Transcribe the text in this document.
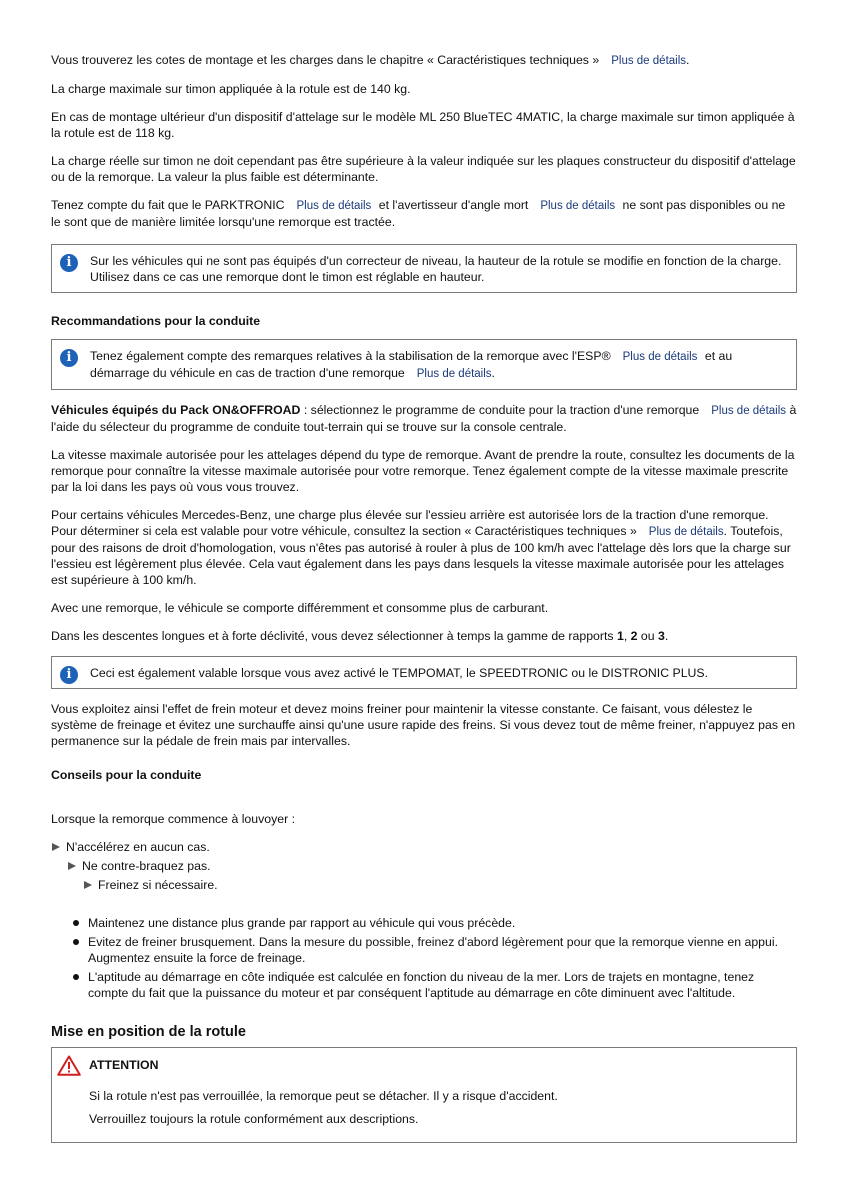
Vous trouverez les cotes de montage et les charges dans le chapitre « Caractéristiques techniques » Plus de détails.

La charge maximale sur timon appliquée à la rotule est de 140 kg.

En cas de montage ultérieur d'un dispositif d'attelage sur le modèle ML 250 BlueTEC 4MATIC, la charge maximale sur timon appliquée à la rotule est de 118 kg.

La charge réelle sur timon ne doit cependant pas être supérieure à la valeur indiquée sur les plaques constructeur du dispositif d'attelage ou de la remorque. La valeur la plus faible est déterminante.

Tenez compte du fait que le PARKTRONIC Plus de détails et l'avertisseur d'angle mort Plus de détails ne sont pas disponibles ou ne le sont que de manière limitée lorsqu'une remorque est tractée.

i	Sur les véhicules qui ne sont pas équipés d'un correcteur de niveau, la hauteur de la rotule se modifie en fonction de la charge. Utilisez dans ce cas une remorque dont le timon est réglable en hauteur.
Recommandations pour la conduite
i	Tenez également compte des remarques relatives à la stabilisation de la remorque avec l'ESP® Plus de détails et au démarrage du véhicule en cas de traction d'une remorque Plus de détails.

Véhicules équipés du Pack ON&OFFROAD : sélectionnez le programme de conduite pour la traction d'une remorque Plus de détails à l'aide du sélecteur du programme de conduite tout-terrain qui se trouve sur la console centrale.

La vitesse maximale autorisée pour les attelages dépend du type de remorque. Avant de prendre la route, consultez les documents de la remorque pour connaître la vitesse maximale autorisée pour votre remorque. Tenez également compte de la vitesse maximale prescrite par la loi dans les pays où vous vous trouvez.

Pour certains véhicules Mercedes-Benz, une charge plus élevée sur l'essieu arrière est autorisée lors de la traction d'une remorque. Pour déterminer si cela est valable pour votre véhicule, consultez la section « Caractéristiques techniques » Plus de détails. Toutefois, pour des raisons de droit d'homologation, vous n'êtes pas autorisé à rouler à plus de 100 km/h avec l'attelage dès lors que la charge sur l'essieu est légèrement plus élevée. Cela vaut également dans les pays dans lesquels la vitesse maximale autorisée pour les attelages est supérieure à 100 km/h.

Avec une remorque, le véhicule se comporte différemment et consomme plus de carburant.

Dans les descentes longues et à forte déclivité, vous devez sélectionner à temps la gamme de rapports 1, 2 ou 3.

i	Ceci est également valable lorsque vous avez activé le TEMPOMAT, le SPEEDTRONIC ou le DISTRONIC PLUS.

Vous exploitez ainsi l'effet de frein moteur et devez moins freiner pour maintenir la vitesse constante. Ce faisant, vous délestez le système de freinage et évitez une surchauffe ainsi qu'une usure rapide des freins. Si vous devez tout de même freiner, n'appuyez pas en permanence sur la pédale de frein mais par intervalles.

Conseils pour la conduite

Lorsque la remorque commence à louvoyer :

N'accélérez en aucun cas.
Ne contre-braquez pas.
Freinez si nécessaire.
Maintenez une distance plus grande par rapport au véhicule qui vous précède.
Evitez de freiner brusquement. Dans la mesure du possible, freinez d'abord légèrement pour que la remorque vienne en appui. Augmentez ensuite la force de freinage.
L'aptitude au démarrage en côte indiquée est calculée en fonction du niveau de la mer. Lors de trajets en montagne, tenez compte du fait que la puissance du moteur et par conséquent l'aptitude au démarrage en côte diminuent avec l'altitude.
Mise en position de la rotule
ATTENTION

Si la rotule n'est pas verrouillée, la remorque peut se détacher. Il y a risque d'accident.

Verrouillez toujours la rotule conformément aux descriptions.
